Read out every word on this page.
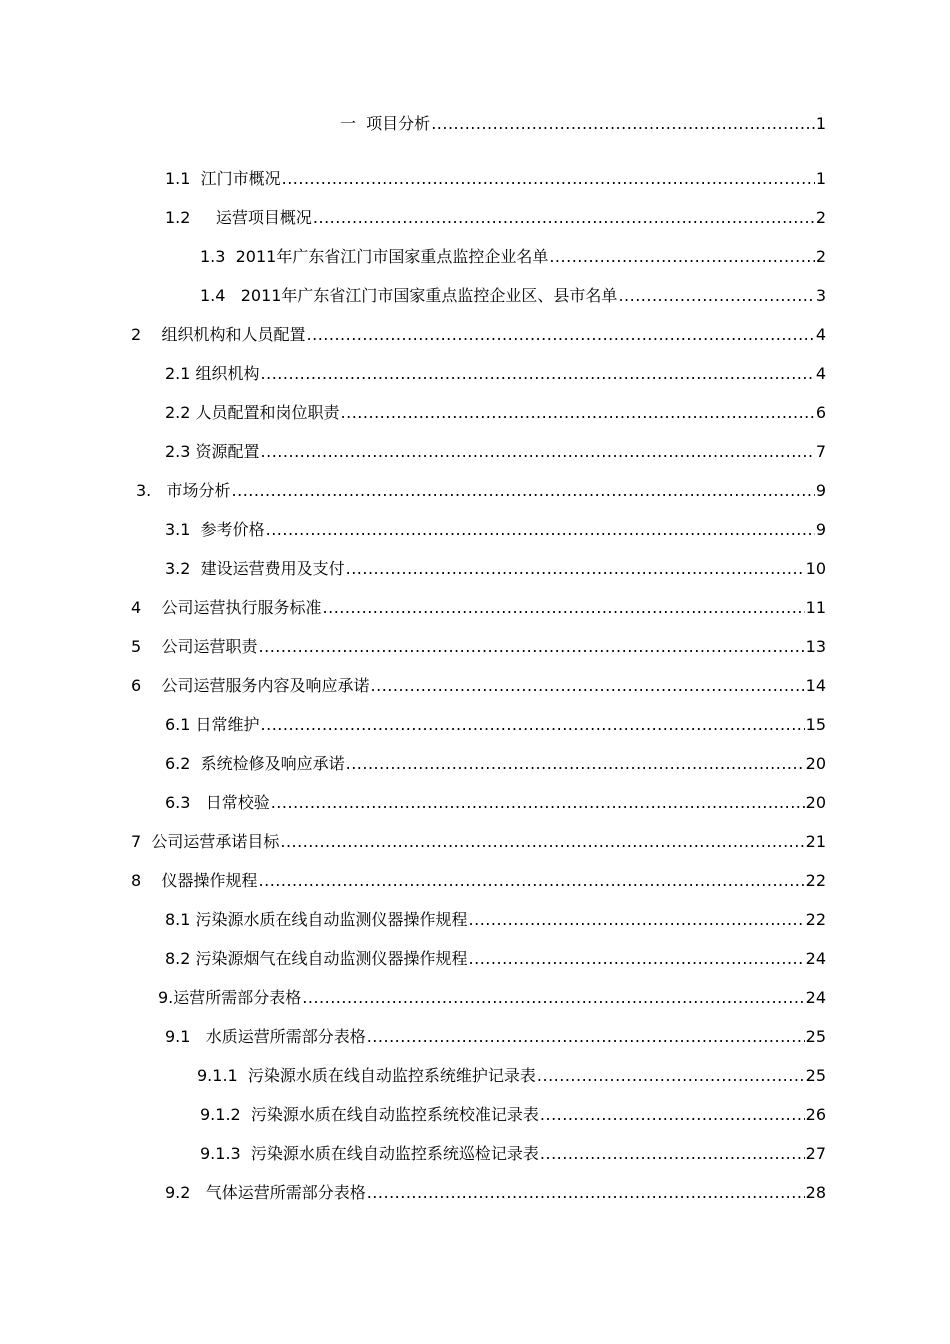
一  项目分析 .....	1
1.1  江门市概况 .....	1
1.2     运营项目概况 .....	2
1.3  2011年广东省江门市国家重点监控企业名单 .....	2
1.4   2011年广东省江门市国家重点监控企业区、县市名单 .....	3
2    组织机构和人员配置 .....	4
2.1 组织机构 .....	4
2.2 人员配置和岗位职责 .....	6
2.3 资源配置 .....	7
3.   市场分析 .....	9
3.1  参考价格 .....	9
3.2  建设运营费用及支付 .....	10
4    公司运营执行服务标准 .....	11
5    公司运营职责 .....	13
6    公司运营服务内容及响应承诺 .....	14
6.1 日常维护 .....	15
6.2  系统检修及响应承诺 .....	20
6.3   日常校验 .....	20
7  公司运营承诺目标 .....	21
8    仪器操作规程 .....	22
8.1 污染源水质在线自动监测仪器操作规程 .....	22
8.2 污染源烟气在线自动监测仪器操作规程 .....	24
9.运营所需部分表格 .....	24
9.1   水质运营所需部分表格 .....	25
9.1.1  污染源水质在线自动监控系统维护记录表 .....	25
9.1.2  污染源水质在线自动监控系统校准记录表 .....	26
9.1.3  污染源水质在线自动监控系统巡检记录表 .....	27
9.2   气体运营所需部分表格 .....	28
